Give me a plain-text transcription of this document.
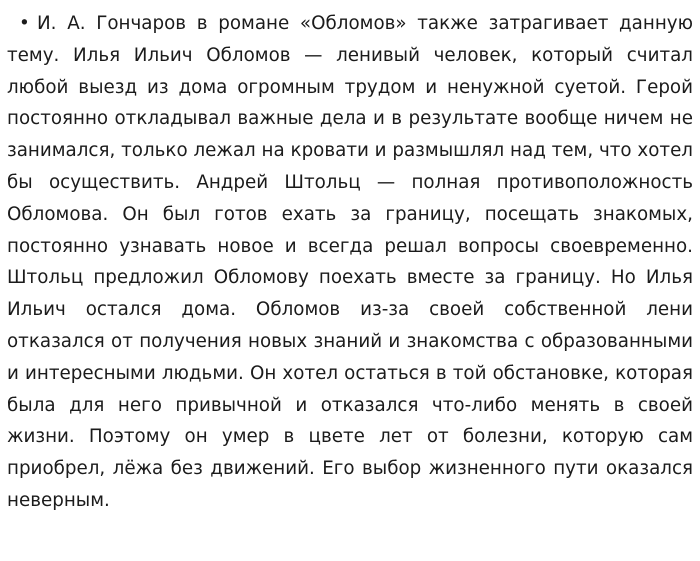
• И. А. Гончаров в романе «Обломов» также затрагивает данную тему. Илья Ильич Обломов — ленивый человек, который считал любой выезд из дома огромным трудом и ненужной суетой. Герой постоянно откладывал важные дела и в результате вообще ничем не занимался, только лежал на кровати и размышлял над тем, что хотел бы осуществить. Андрей Штольц — полная противоположность Обломова. Он был готов ехать за границу, посещать знакомых, постоянно узнавать новое и всегда решал вопросы своевременно. Штольц предложил Обломову поехать вместе за границу. Но Илья Ильич остался дома. Обломов из-за своей собственной лени отказался от получения новых знаний и знакомства с образованными и интересными людьми. Он хотел остаться в той обстановке, которая была для него привычной и отказался что-либо менять в своей жизни. Поэтому он умер в цвете лет от болезни, которую сам приобрел, лёжа без движений. Его выбор жизненного пути оказался неверным.
